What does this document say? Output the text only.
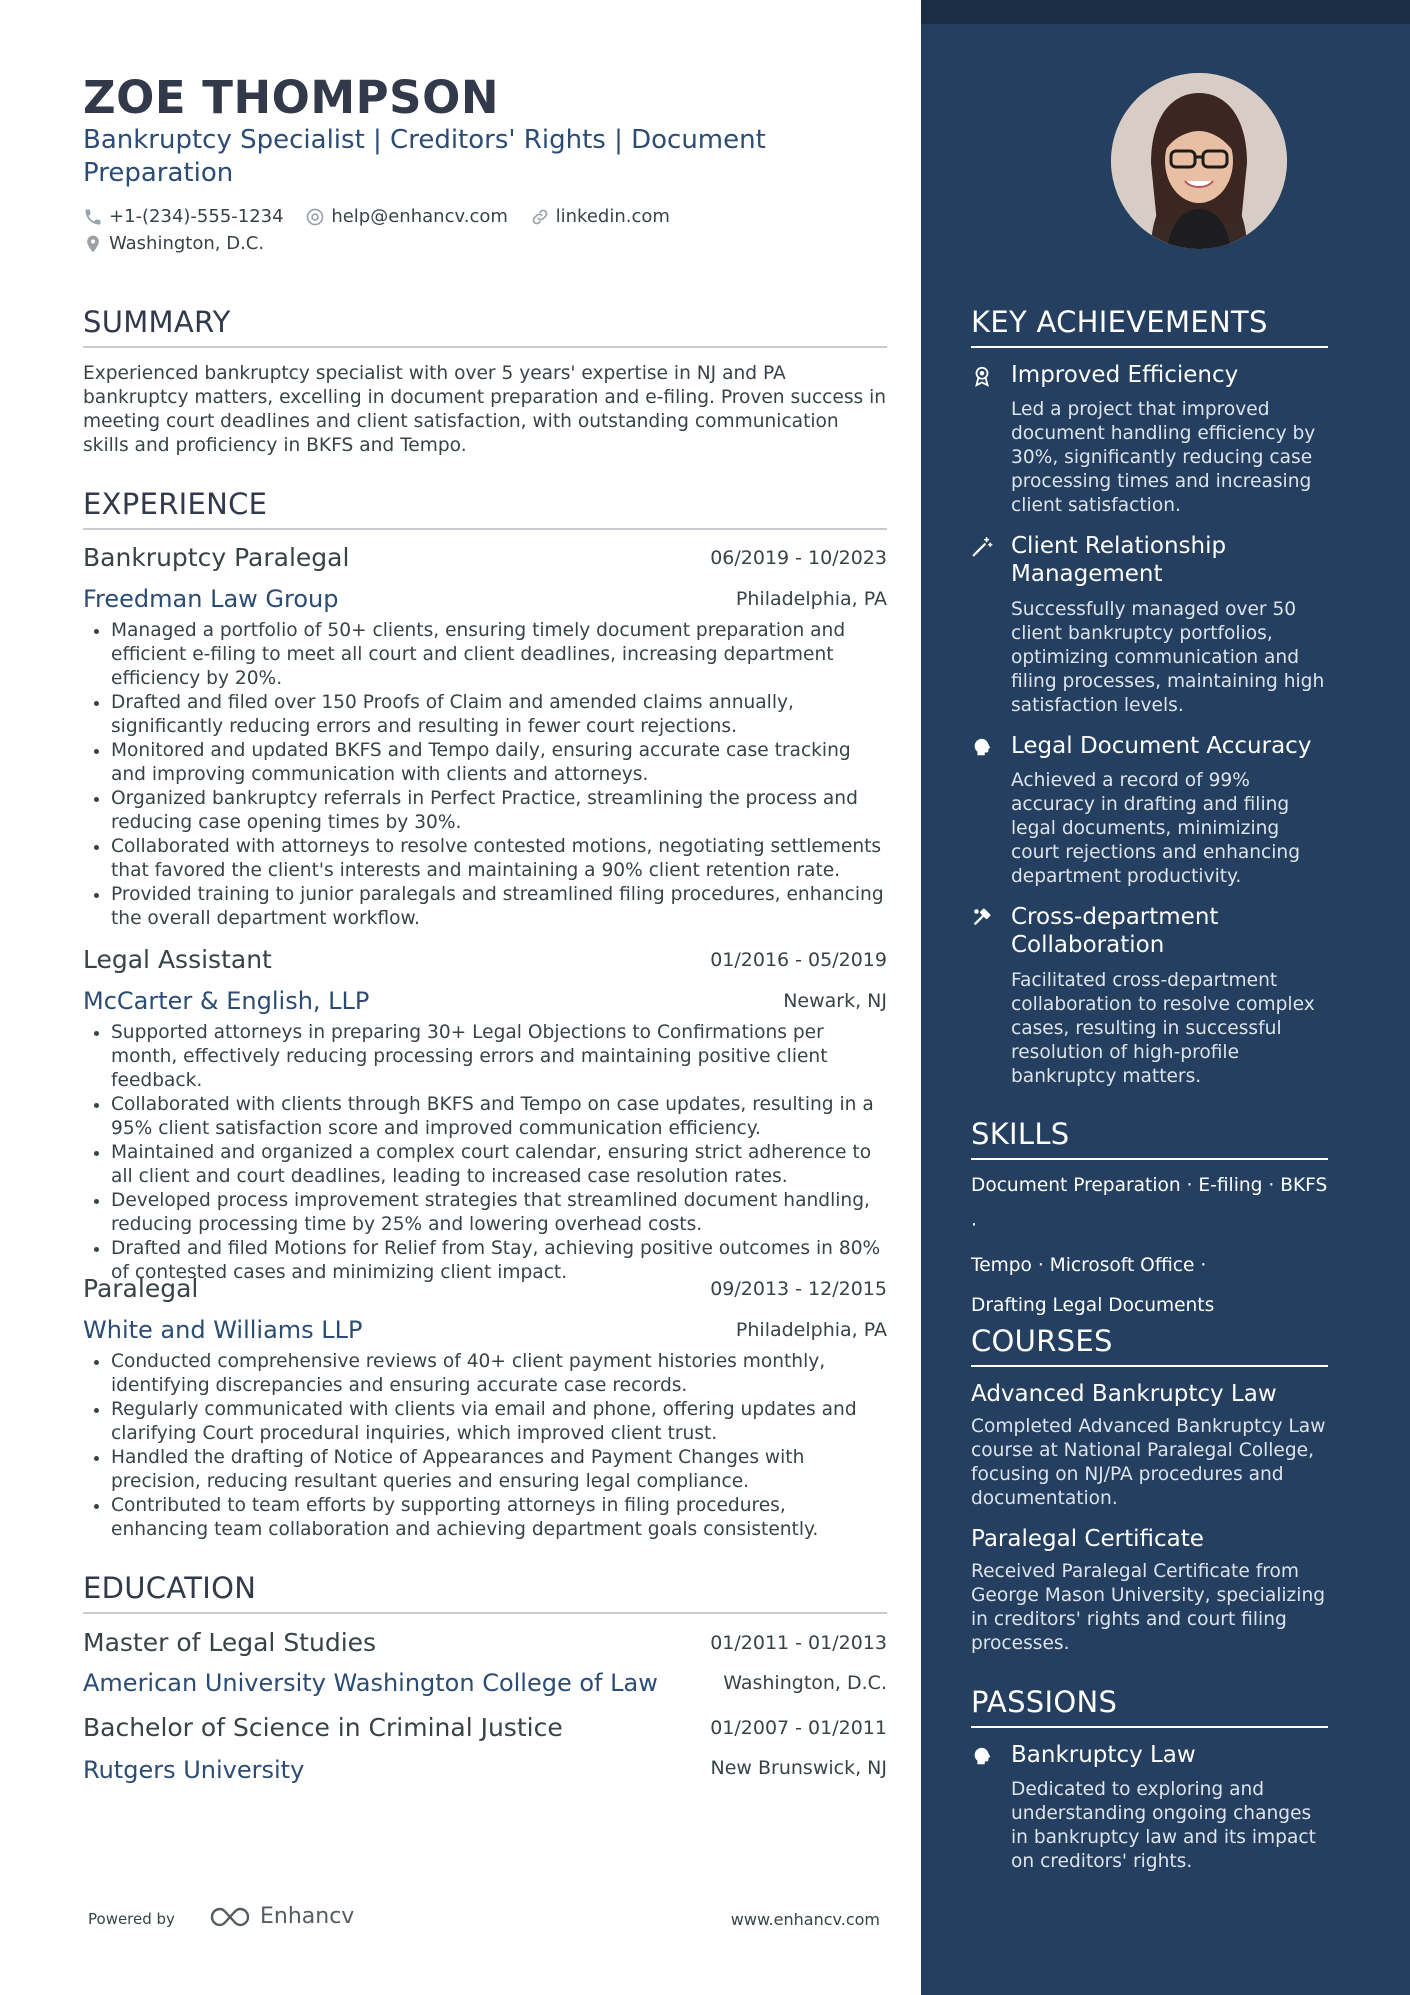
ZOE THOMPSON
Bankruptcy Specialist | Creditors' Rights | Document Preparation
+1-(234)-555-1234
	help@enhancv.com
	linkedin.com
Washington, D.C.
SUMMARY
Experienced bankruptcy specialist with over 5 years' expertise in NJ and PA bankruptcy matters, excelling in document preparation and e-filing. Proven success in meeting court deadlines and client satisfaction, with outstanding communication skills and proficiency in BKFS and Tempo.
EXPERIENCE
Bankruptcy Paralegal	06/2019 - 10/2023
Freedman Law Group	Philadelphia, PA
• Managed a portfolio of 50+ clients, ensuring timely document preparation and efficient e-filing to meet all court and client deadlines, increasing department efficiency by 20%.
• Drafted and filed over 150 Proofs of Claim and amended claims annually, significantly reducing errors and resulting in fewer court rejections.
• Monitored and updated BKFS and Tempo daily, ensuring accurate case tracking and improving communication with clients and attorneys.
• Organized bankruptcy referrals in Perfect Practice, streamlining the process and reducing case opening times by 30%.
• Collaborated with attorneys to resolve contested motions, negotiating settlements that favored the client's interests and maintaining a 90% client retention rate.
• Provided training to junior paralegals and streamlined filing procedures, enhancing the overall department workflow.
Legal Assistant	01/2016 - 05/2019
McCarter & English, LLP	Newark, NJ
• Supported attorneys in preparing 30+ Legal Objections to Confirmations per month, effectively reducing processing errors and maintaining positive client feedback.
• Collaborated with clients through BKFS and Tempo on case updates, resulting in a 95% client satisfaction score and improved communication efficiency.
• Maintained and organized a complex court calendar, ensuring strict adherence to all client and court deadlines, leading to increased case resolution rates.
• Developed process improvement strategies that streamlined document handling, reducing processing time by 25% and lowering overhead costs.
• Drafted and filed Motions for Relief from Stay, achieving positive outcomes in 80% of contested cases and minimizing client impact.
Paralegal	09/2013 - 12/2015
White and Williams LLP	Philadelphia, PA
• Conducted comprehensive reviews of 40+ client payment histories monthly, identifying discrepancies and ensuring accurate case records.
• Regularly communicated with clients via email and phone, offering updates and clarifying Court procedural inquiries, which improved client trust.
• Handled the drafting of Notice of Appearances and Payment Changes with precision, reducing resultant queries and ensuring legal compliance.
• Contributed to team efforts by supporting attorneys in filing procedures, enhancing team collaboration and achieving department goals consistently.
EDUCATION
Master of Legal Studies	01/2011 - 01/2013
American University Washington College of Law	Washington, D.C.
Bachelor of Science in Criminal Justice	01/2007 - 01/2011
Rutgers University	New Brunswick, NJ
Powered by	Enhancv	www.enhancv.com
KEY ACHIEVEMENTS
Improved Efficiency
Led a project that improved document handling efficiency by 30%, significantly reducing case processing times and increasing client satisfaction.
Client Relationship Management
Successfully managed over 50 client bankruptcy portfolios, optimizing communication and filing processes, maintaining high satisfaction levels.
Legal Document Accuracy
Achieved a record of 99% accuracy in drafting and filing legal documents, minimizing court rejections and enhancing department productivity.
Cross-department Collaboration
Facilitated cross-department collaboration to resolve complex cases, resulting in successful resolution of high-profile bankruptcy matters.
SKILLS
Document Preparation · E-filing · BKFS ·
Tempo · Microsoft Office ·
Drafting Legal Documents
COURSES
Advanced Bankruptcy Law
Completed Advanced Bankruptcy Law course at National Paralegal College, focusing on NJ/PA procedures and documentation.
Paralegal Certificate
Received Paralegal Certificate from George Mason University, specializing in creditors' rights and court filing processes.
PASSIONS
Bankruptcy Law
Dedicated to exploring and understanding ongoing changes in bankruptcy law and its impact on creditors' rights.
